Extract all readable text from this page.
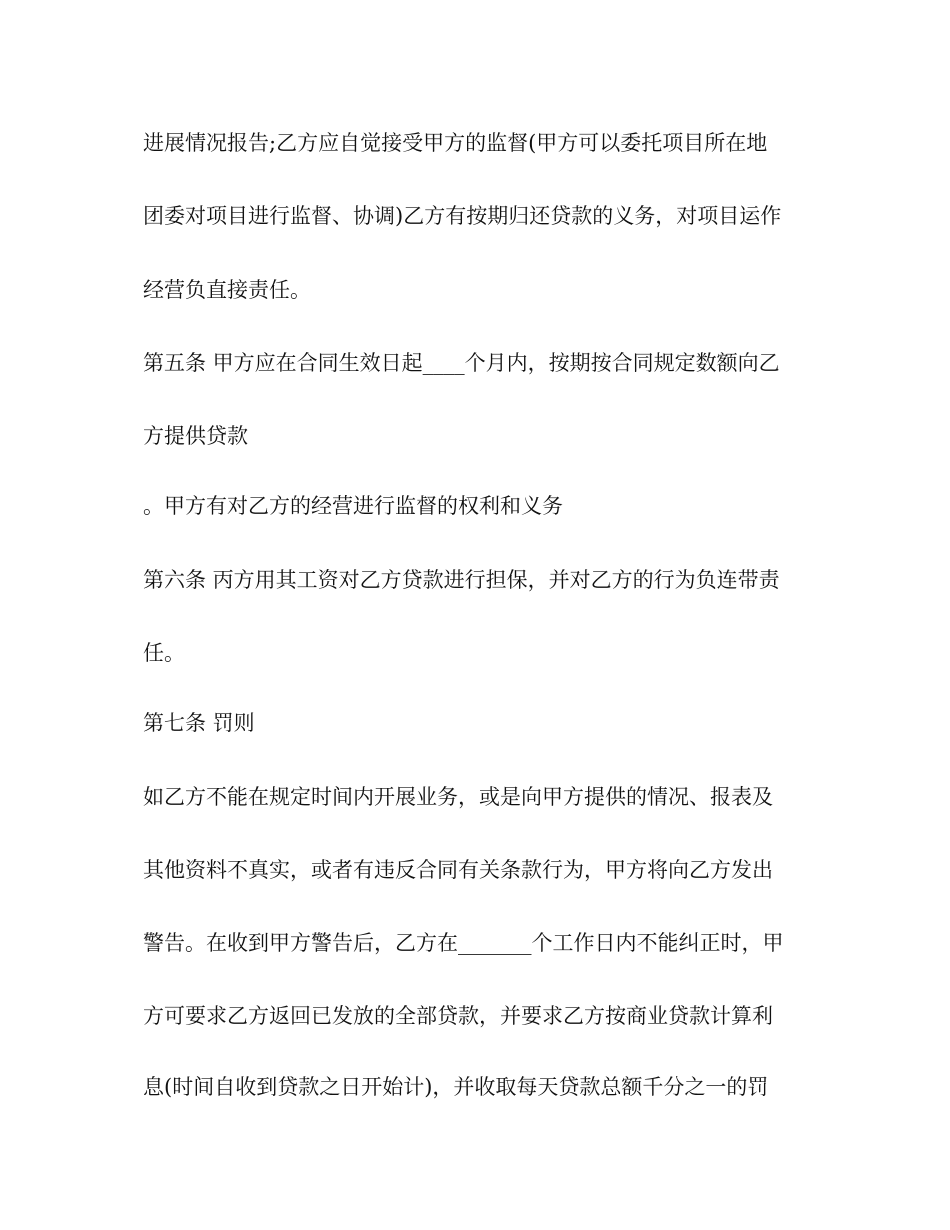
进展情况报告;乙方应自觉接受甲方的监督(甲方可以委托项目所在地
团委对项目进行监督、协调)乙方有按期归还贷款的义务，对项目运作
经营负直接责任。
第五条 甲方应在合同生效日起____个月内，按期按合同规定数额向乙
方提供贷款
。甲方有对乙方的经营进行监督的权利和义务
第六条 丙方用其工资对乙方贷款进行担保，并对乙方的行为负连带责
任。
第七条 罚则
如乙方不能在规定时间内开展业务，或是向甲方提供的情况、报表及
其他资料不真实，或者有违反合同有关条款行为，甲方将向乙方发出
警告。在收到甲方警告后，乙方在_______个工作日内不能纠正时，甲
方可要求乙方返回已发放的全部贷款，并要求乙方按商业贷款计算利
息(时间自收到贷款之日开始计)，并收取每天贷款总额千分之一的罚
